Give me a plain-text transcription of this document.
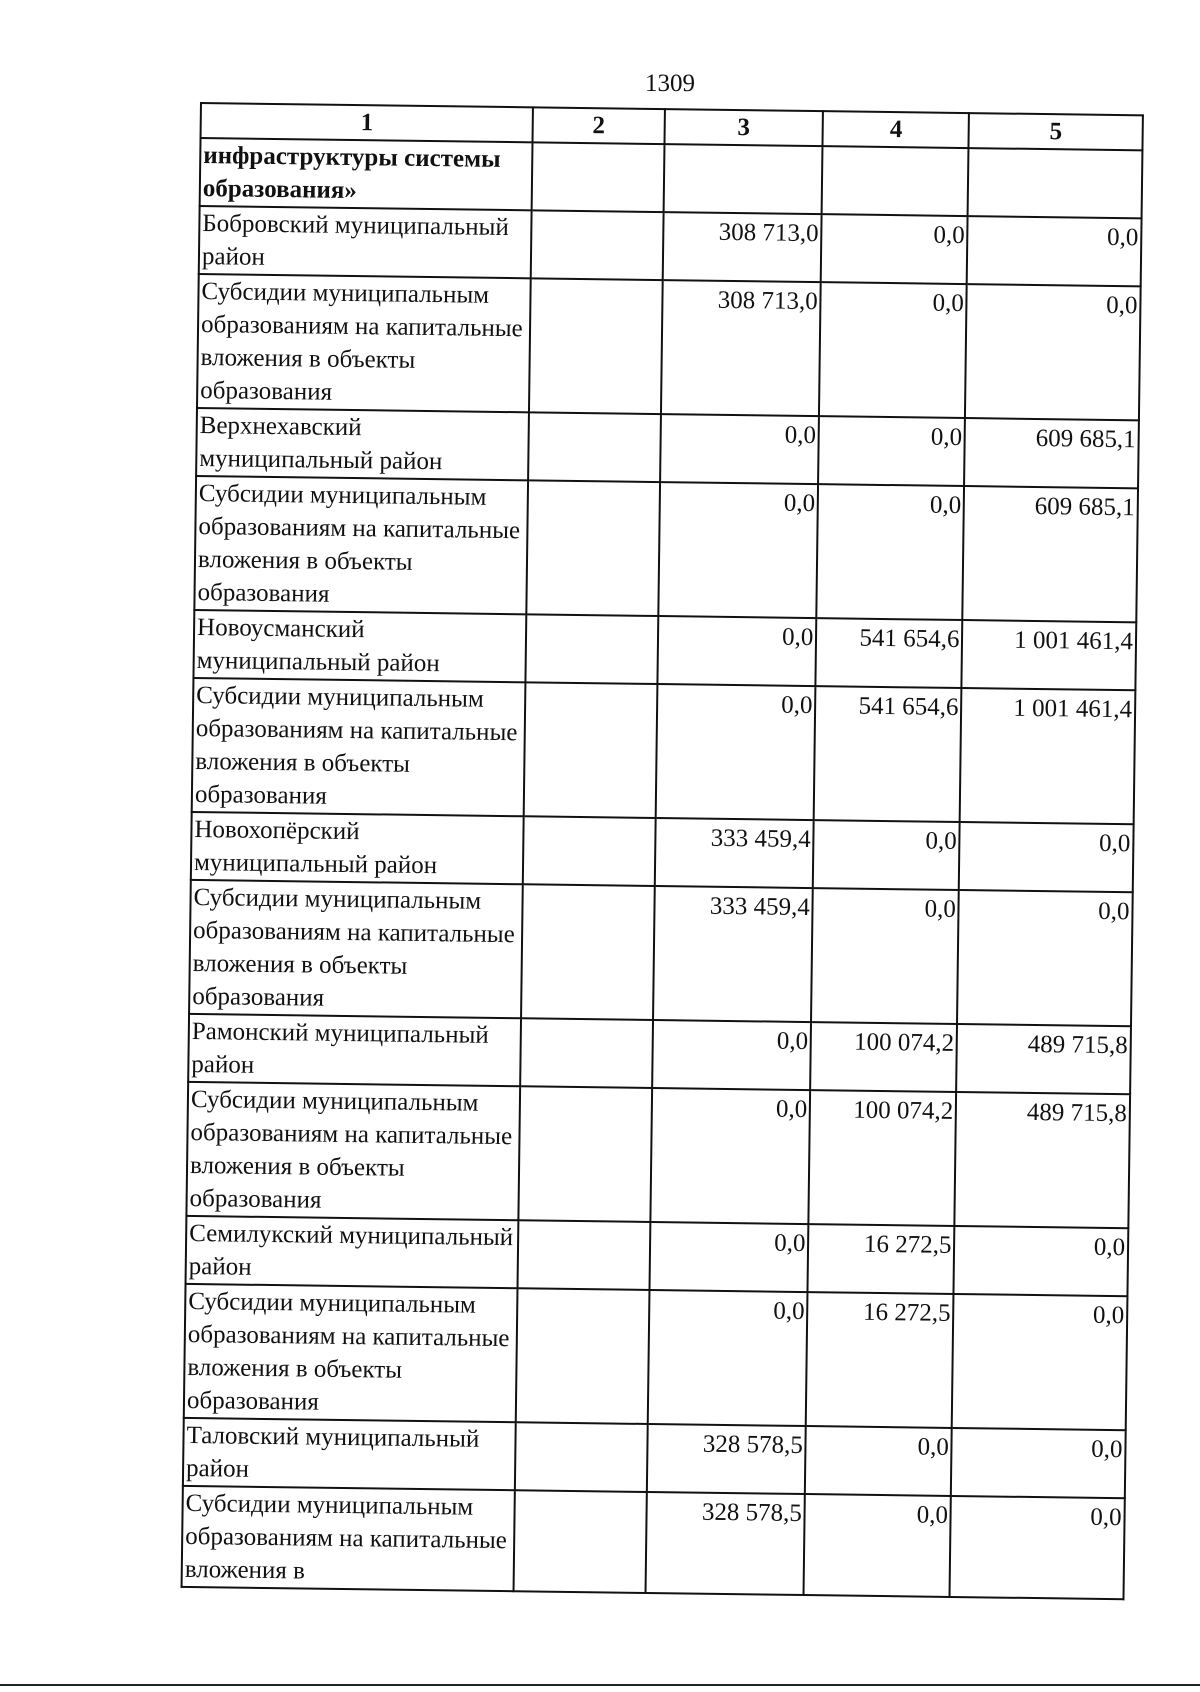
1309
1	2	3	4	5
инфраструктуры системы образования»				
Бобровский муниципальный район		308 713,0	0,0	0,0
Субсидии муниципальным образованиям на капитальные вложения в объекты образования		308 713,0	0,0	0,0
Верхнехавский муниципальный район		0,0	0,0	609 685,1
Субсидии муниципальным образованиям на капитальные вложения в объекты образования		0,0	0,0	609 685,1
Новоусманский муниципальный район		0,0	541 654,6	1 001 461,4
Субсидии муниципальным образованиям на капитальные вложения в объекты образования		0,0	541 654,6	1 001 461,4
Новохопёрский муниципальный район		333 459,4	0,0	0,0
Субсидии муниципальным образованиям на капитальные вложения в объекты образования		333 459,4	0,0	0,0
Рамонский муниципальный район		0,0	100 074,2	489 715,8
Субсидии муниципальным образованиям на капитальные вложения в объекты образования		0,0	100 074,2	489 715,8
Семилукский муниципальный район		0,0	16 272,5	0,0
Субсидии муниципальным образованиям на капитальные вложения в объекты образования		0,0	16 272,5	0,0
Таловский муниципальный район		328 578,5	0,0	0,0
Субсидии муниципальным образованиям на капитальные вложения в		328 578,5	0,0	0,0
